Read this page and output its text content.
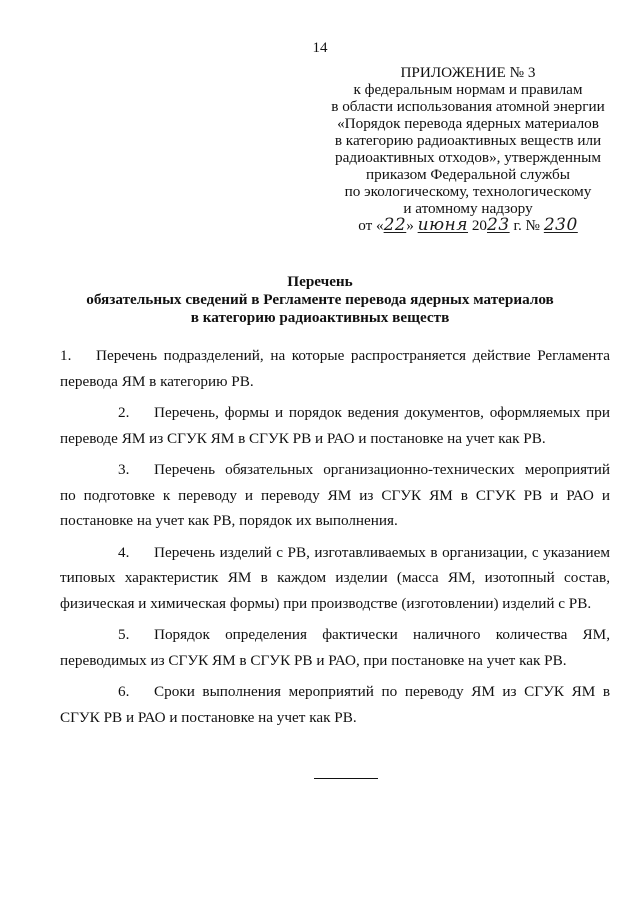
14
ПРИЛОЖЕНИЕ № 3
к федеральным нормам и правилам
в области использования атомной энергии
«Порядок перевода ядерных материалов
в категорию радиоактивных веществ или
радиоактивных отходов», утвержденным
приказом Федеральной службы
по экологическому, технологическому
и атомному надзору
от «22» июня 2023 г. № 230
Перечень
обязательных сведений в Регламенте перевода ядерных материалов
в категорию радиоактивных веществ

1. Перечень подразделений, на которые распространяется действие Регламента перевода ЯМ в категорию РВ.

2. Перечень, формы и порядок ведения документов, оформляемых при переводе ЯМ из СГУК ЯМ в СГУК РВ и РАО и постановке на учет как РВ.

3. Перечень обязательных организационно-технических мероприятий по подготовке к переводу и переводу ЯМ из СГУК ЯМ в СГУК РВ и РАО и постановке на учет как РВ, порядок их выполнения.

4. Перечень изделий с РВ, изготавливаемых в организации, с указанием типовых характеристик ЯМ в каждом изделии (масса ЯМ, изотопный состав, физическая и химическая формы) при производстве (изготовлении) изделий с РВ.

5. Порядок определения фактически наличного количества ЯМ, переводимых из СГУК ЯМ в СГУК РВ и РАО, при постановке на учет как РВ.

6. Сроки выполнения мероприятий по переводу ЯМ из СГУК ЯМ в СГУК РВ и РАО и постановке на учет как РВ.
